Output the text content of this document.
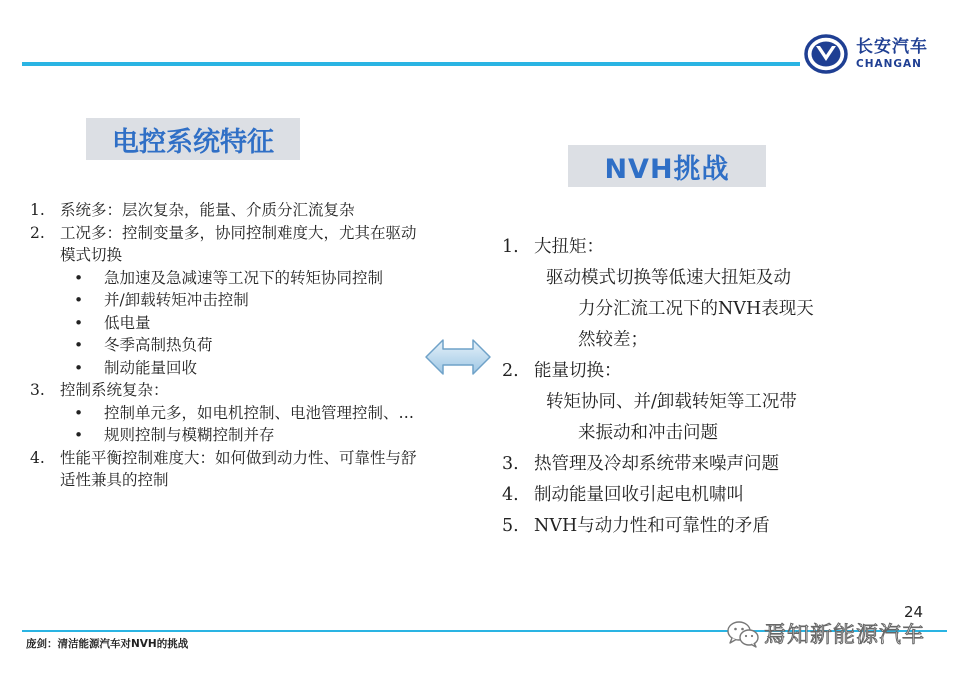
长安汽车
CHANGAN
电控系统特征
1. 系统多：层次复杂，能量、介质分汇流复杂
2. 工况多：控制变量多，协同控制难度大，尤其在驱动模式切换
•	急加速及急减速等工况下的转矩协同控制
•	并/卸载转矩冲击控制
•	低电量
•	冬季高制热负荷
•	制动能量回收
3. 控制系统复杂：
•	控制单元多，如电机控制、电池管理控制、…
•	规则控制与模糊控制并存
4. 性能平衡控制难度大：如何做到动力性、可靠性与舒适性兼具的控制
NVH挑战
1. 大扭矩：
驱动模式切换等低速大扭矩及动
力分汇流工况下的NVH表现天
然较差；
2. 能量切换：
转矩协同、并/卸载转矩等工况带
来振动和冲击问题
3. 热管理及冷却系统带来噪声问题
4. 制动能量回收引起电机啸叫
5. NVH与动力性和可靠性的矛盾
24
庞剑：清洁能源汽车对NVH的挑战	焉知新能源汽车
